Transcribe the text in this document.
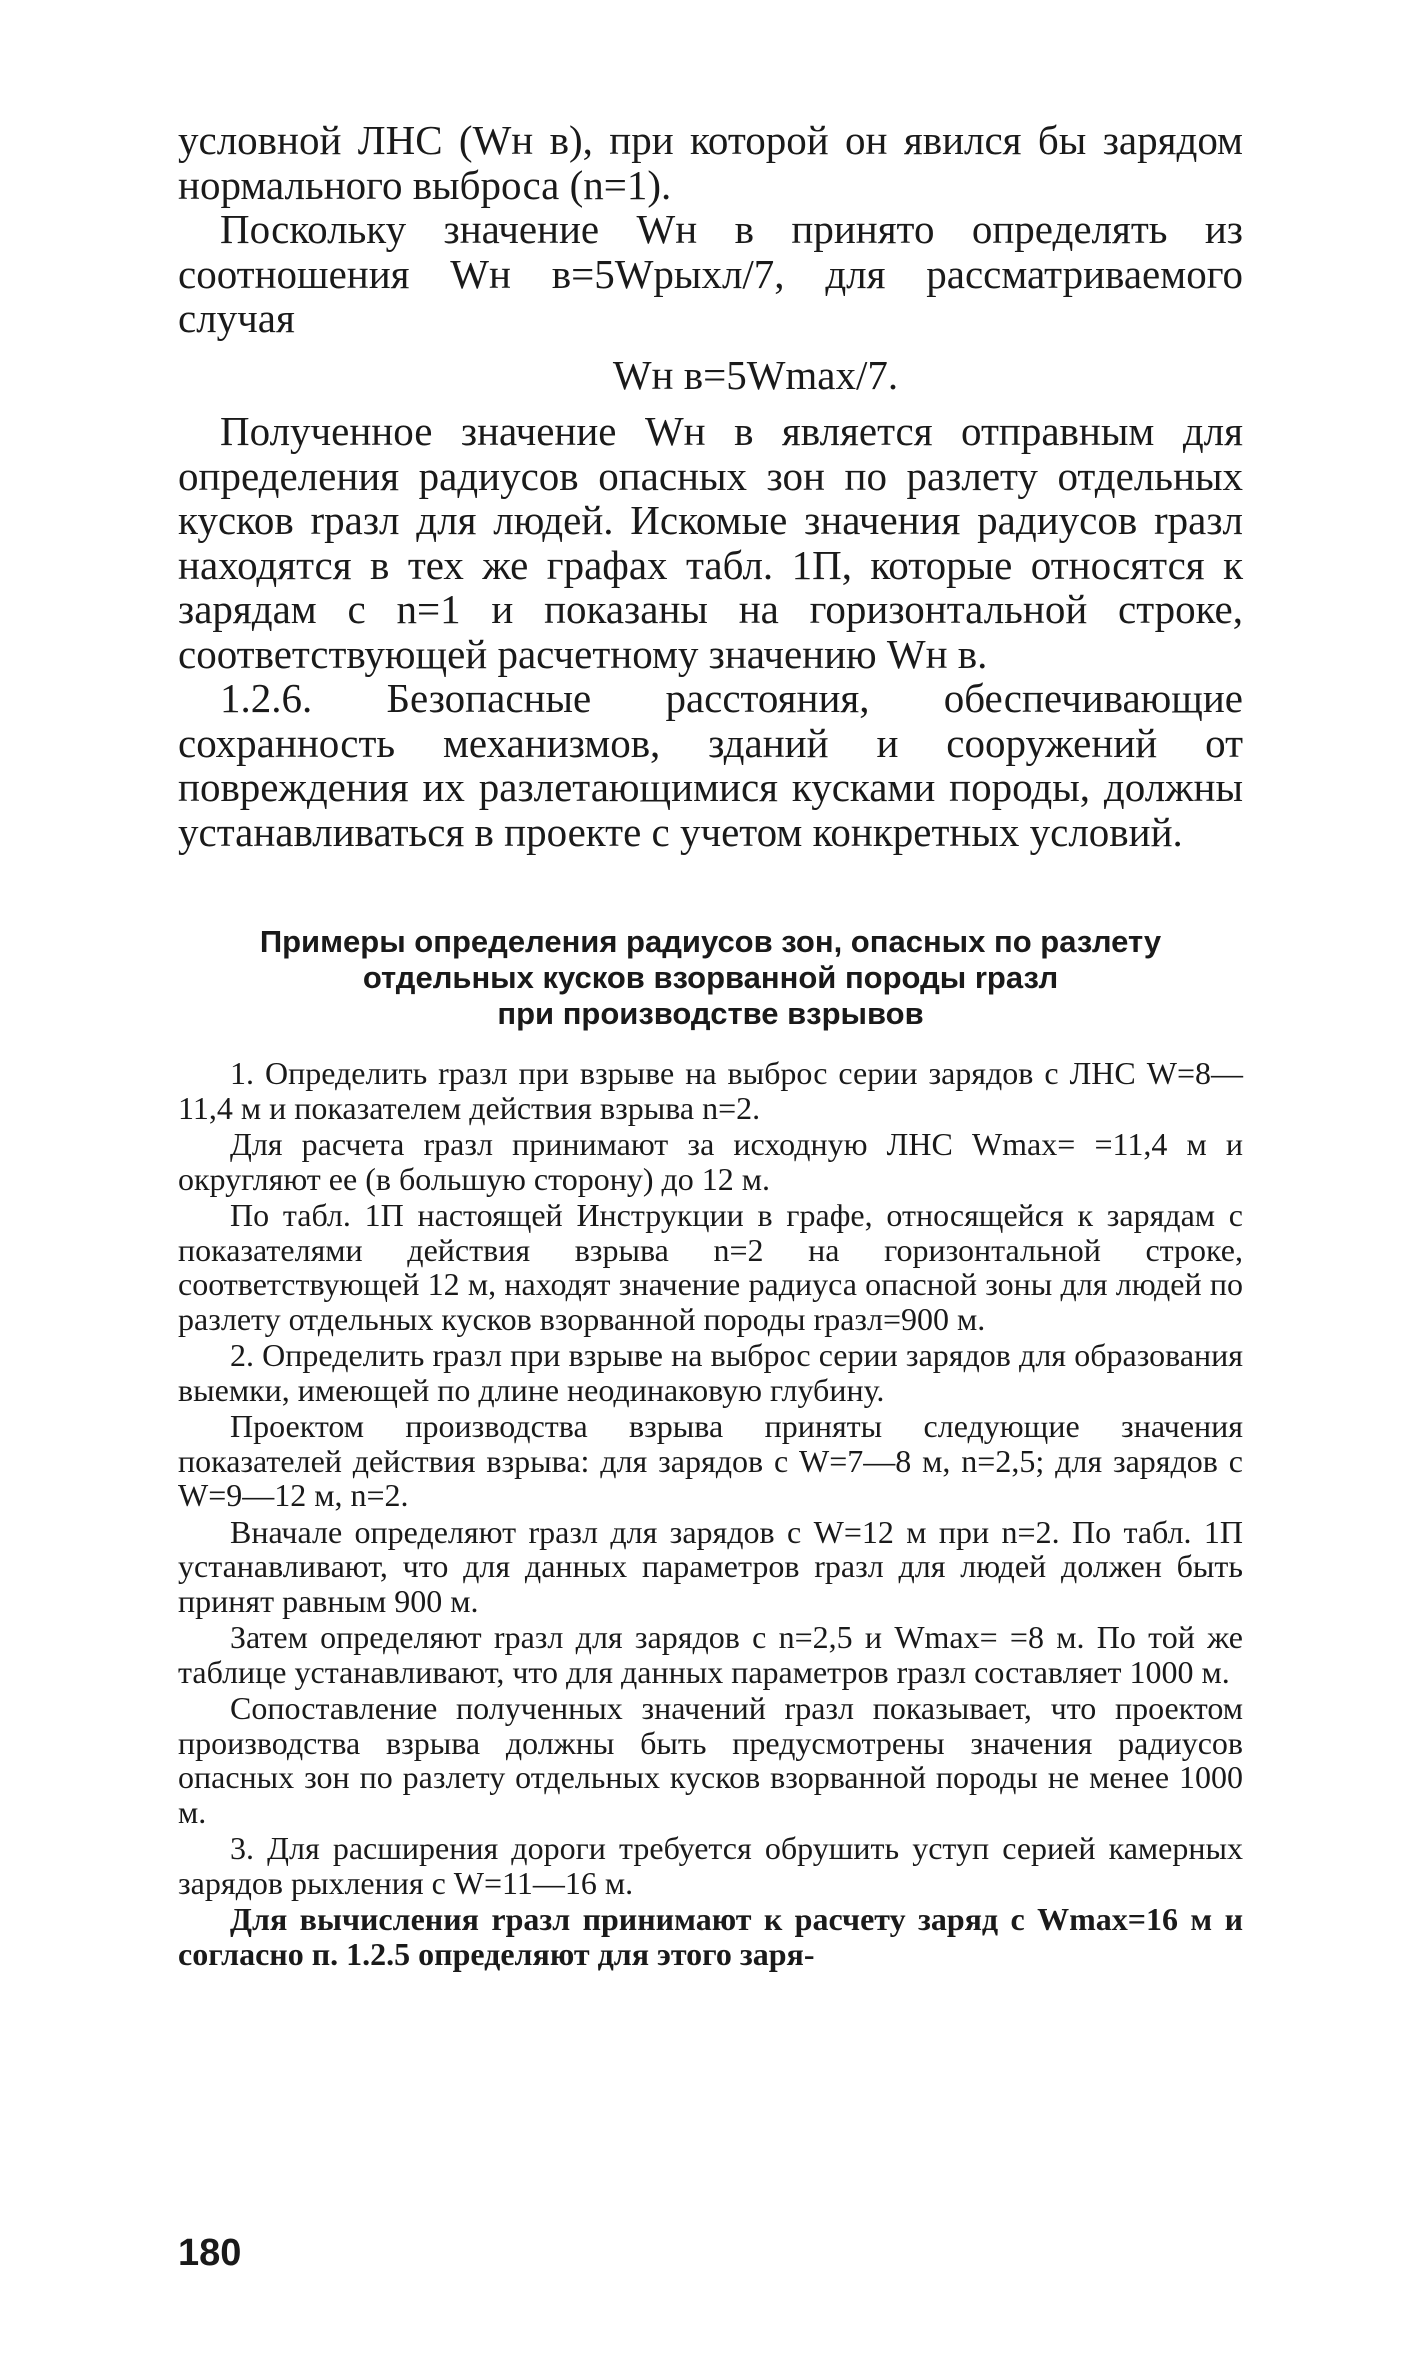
условной ЛНС (Wн в), при которой он явился бы зарядом нормального выброса (n=1).

Поскольку значение Wн в принято определять из соотношения Wн в=5Wрыхл/7, для рассматриваемого случая

Wн в=5Wmax/7.

Полученное значение Wн в является отправным для определения радиусов опасных зон по разлету отдельных кусков rразл для людей. Искомые значения радиусов rразл находятся в тех же графах табл. 1П, которые относятся к зарядам с n=1 и показаны на горизонтальной строке, соответствующей расчетному значению Wн в.

1.2.6. Безопасные расстояния, обеспечивающие сохранность механизмов, зданий и сооружений от повреждения их разлетающимися кусками породы, должны устанавливаться в проекте с учетом конкретных условий.

Примеры определения радиусов зон, опасных по разлету
отдельных кусков взорванной породы rразл
при производстве взрывов

1. Определить rразл при взрыве на выброс серии зарядов с ЛНС W=8—11,4 м и показателем действия взрыва n=2.

Для расчета rразл принимают за исходную ЛНС Wmax= =11,4 м и округляют ее (в большую сторону) до 12 м.

По табл. 1П настоящей Инструкции в графе, относящейся к зарядам с показателями действия взрыва n=2 на горизонтальной строке, соответствующей 12 м, находят значение радиуса опасной зоны для людей по разлету отдельных кусков взорванной породы rразл=900 м.

2. Определить rразл при взрыве на выброс серии зарядов для образования выемки, имеющей по длине неодинаковую глубину.

Проектом производства взрыва приняты следующие значения показателей действия взрыва: для зарядов с W=7—8 м, n=2,5; для зарядов с W=9—12 м, n=2.

Вначале определяют rразл для зарядов с W=12 м при n=2. По табл. 1П устанавливают, что для данных параметров rразл для людей должен быть принят равным 900 м.

Затем определяют rразл для зарядов с n=2,5 и Wmax= =8 м. По той же таблице устанавливают, что для данных параметров rразл составляет 1000 м.

Сопоставление полученных значений rразл показывает, что проектом производства взрыва должны быть предусмотрены значения радиусов опасных зон по разлету отдельных кусков взорванной породы не менее 1000 м.

3. Для расширения дороги требуется обрушить уступ серией камерных зарядов рыхления с W=11—16 м.

Для вычисления rразл принимают к расчету заряд с Wmax=16 м и согласно п. 1.2.5 определяют для этого заря-

180
